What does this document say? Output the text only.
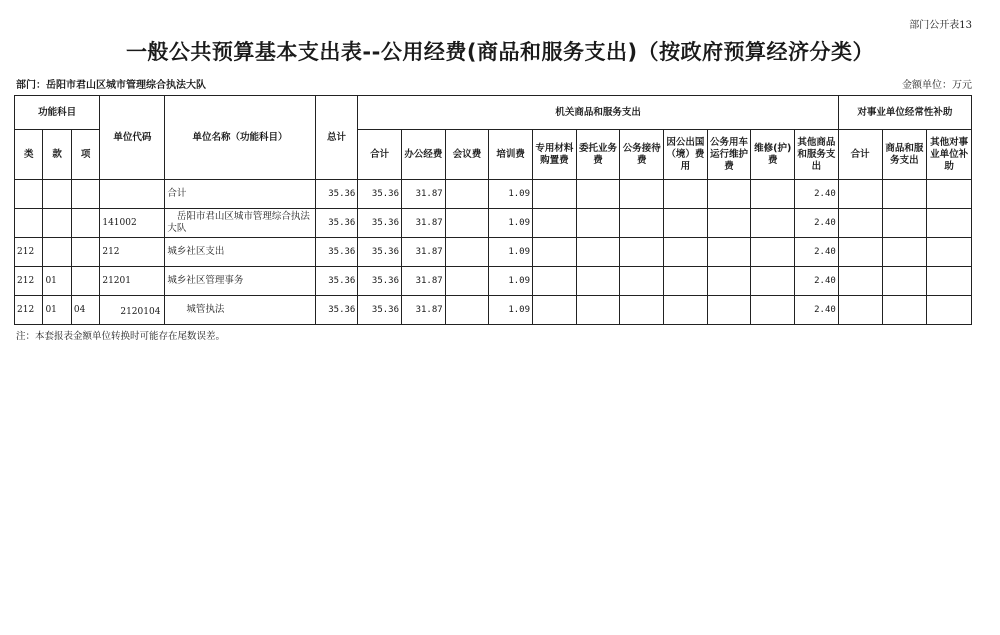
部门公开表13
一般公共预算基本支出表--公用经费(商品和服务支出)（按政府预算经济分类）
部门：岳阳市君山区城市管理综合执法大队	金额单位：万元
功能科目			单位代码	单位名称（功能科目）	总计	机关商品和服务支出											对事业单位经常性补助		
类	款	项				合计	办公经费	会议费	培训费	专用材料购置费	委托业务费	公务接待费	因公出国（境）费用	公务用车运行维护费	维修(护)费	其他商品和服务支出	合计	商品和服务支出	其他对事业单位补助
				合计	35.36	35.36	31.87		1.09							2.40			
			141002	　岳阳市君山区城市管理综合执法大队	35.36	35.36	31.87		1.09							2.40			
212			212	城乡社区支出	35.36	35.36	31.87		1.09							2.40			
212	01		21201	城乡社区管理事务	35.36	35.36	31.87		1.09							2.40			
212	01	04	　　2120104	　　城管执法	35.36	35.36	31.87		1.09							2.40			
注：本套报表金额单位转换时可能存在尾数误差。
